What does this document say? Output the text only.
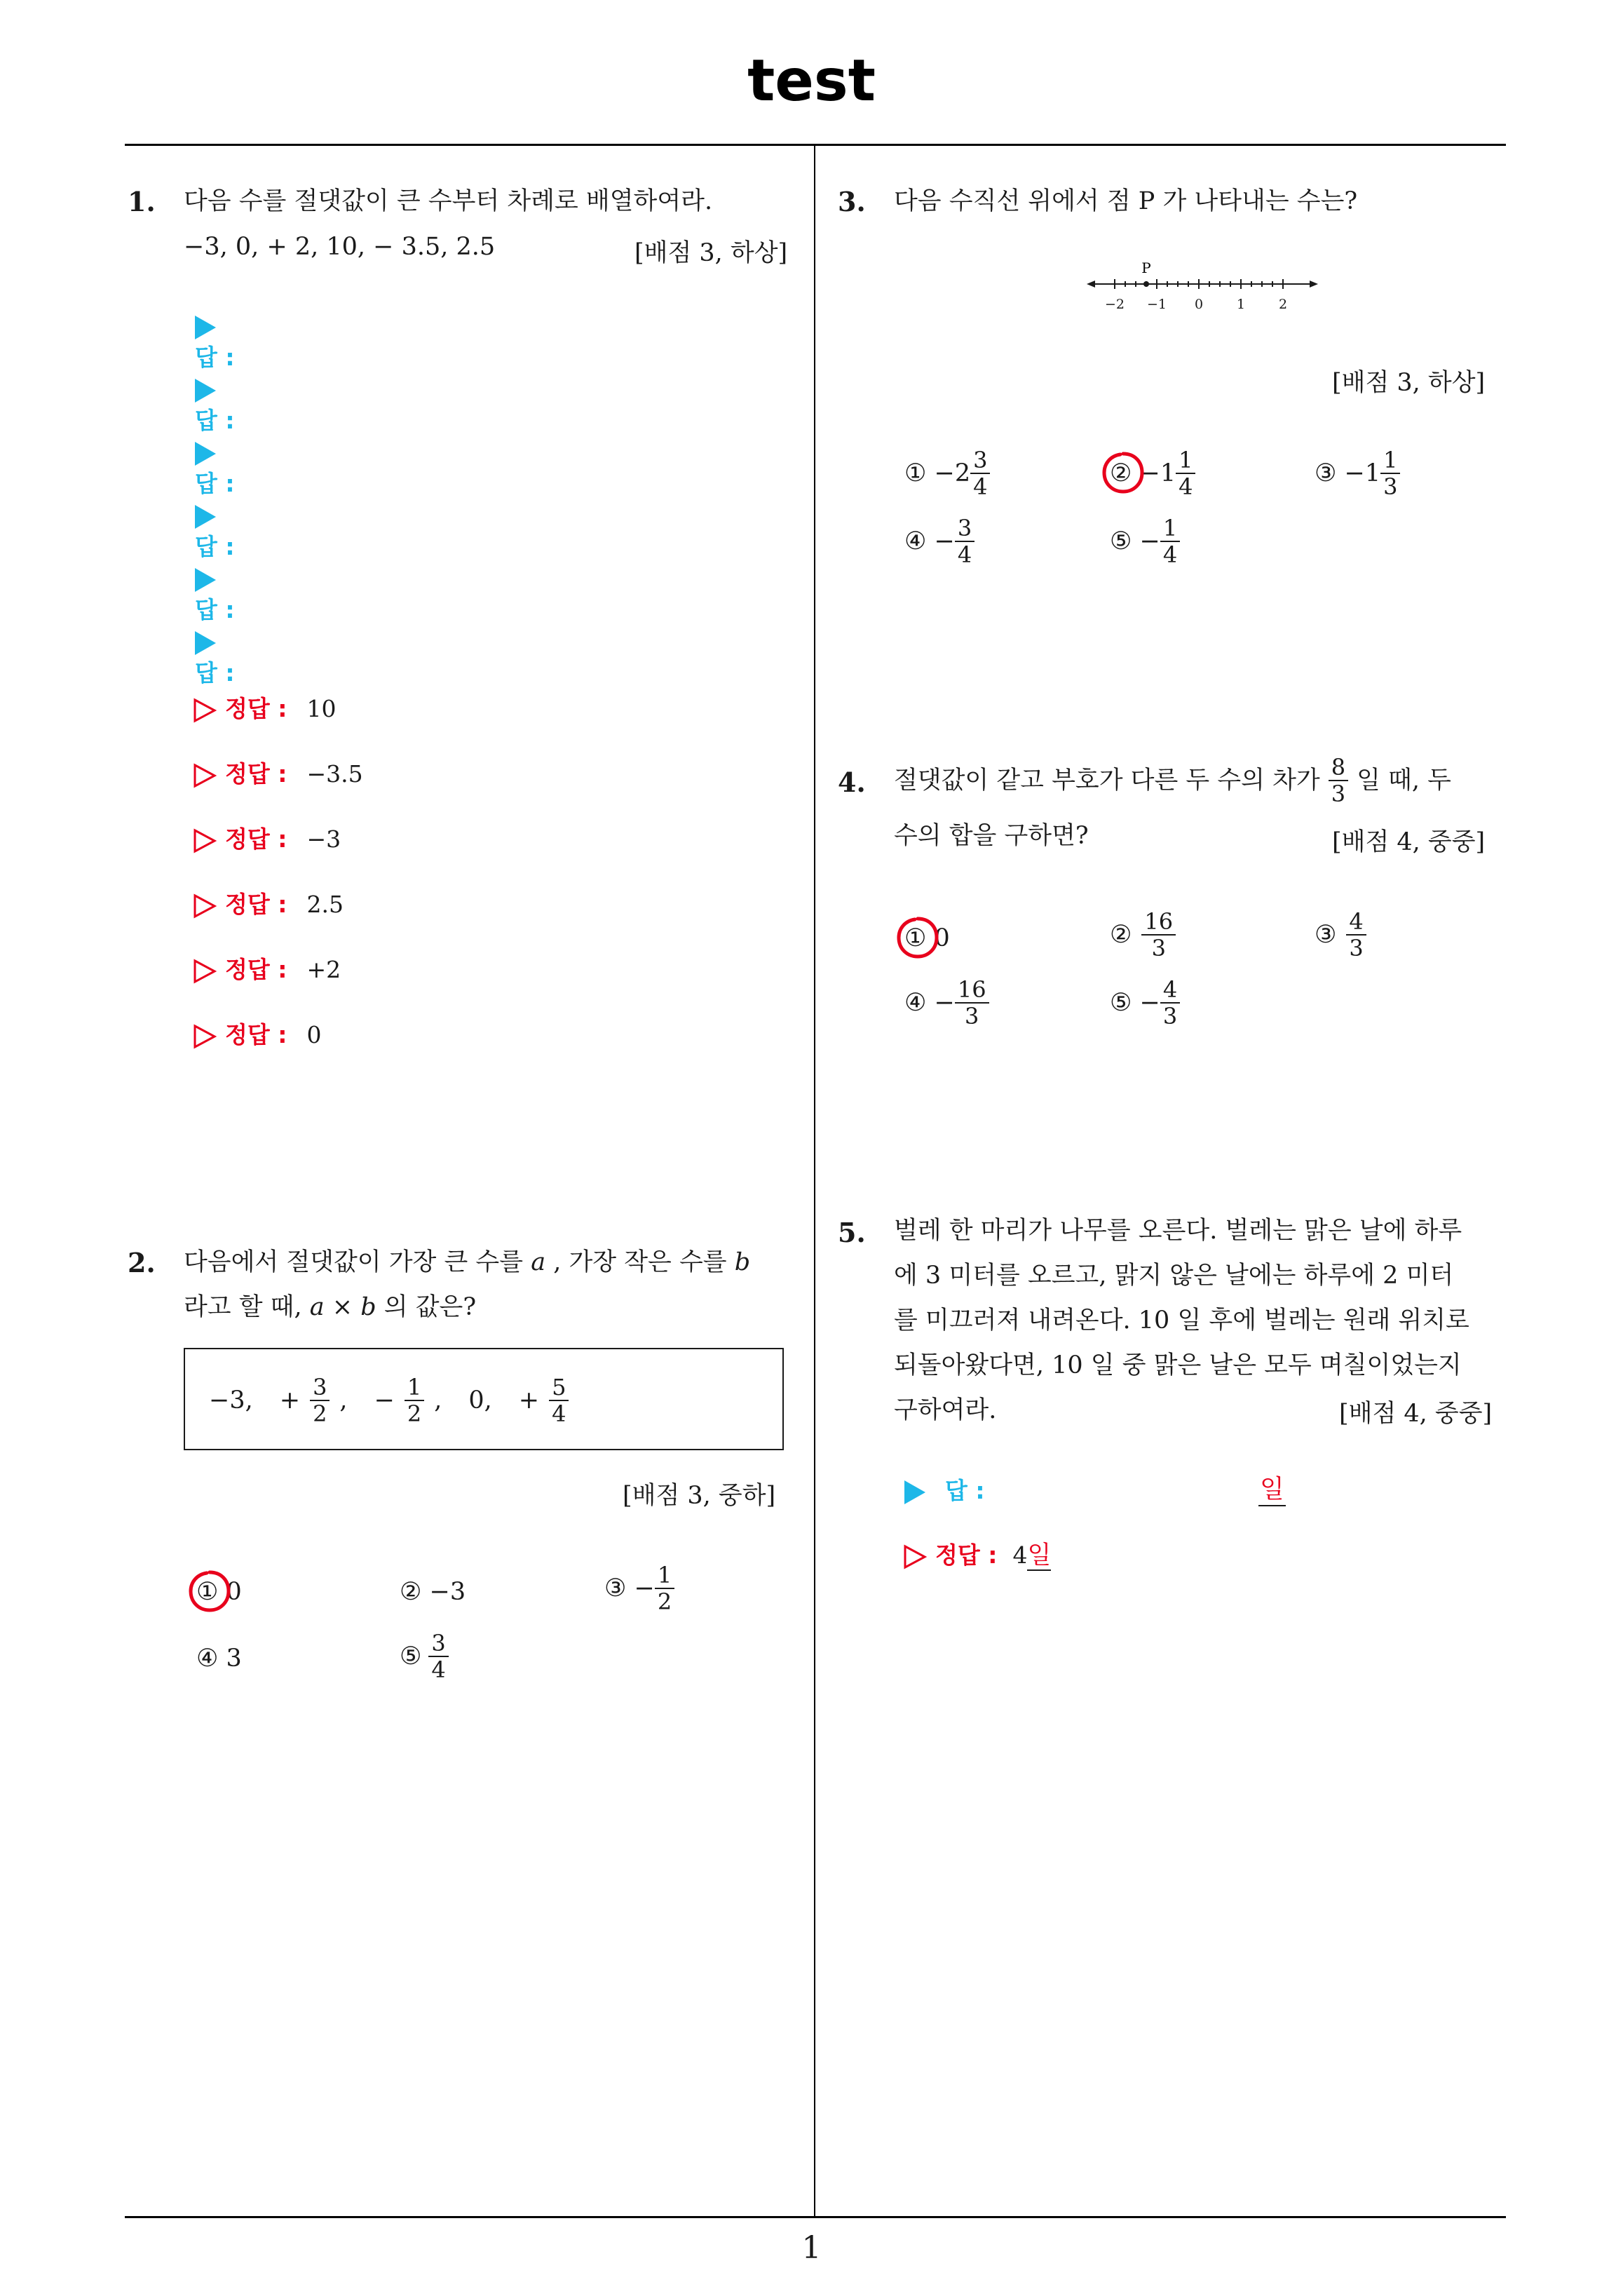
test
1
1. 다음 수를 절댓값이 큰 수부터 차례로 배열하여라.
−3, 0, + 2, 10, − 3.5, 2.5	[배점 3, 하상]
답 :
답 :
답 :
답 :
답 :
답 :
정답 : 10
정답 : −3.5
정답 : −3
정답 : 2.5
정답 : +2
정답 : 0
2. 다음에서 절댓값이 가장 큰 수를 a , 가장 작은 수를 b
라고 할 때, a × b 의 값은?
−3, + $\frac{3}{2}$ , − $\frac{1}{2}$ , 0, + $\frac{5}{4}$
[배점 3, 중하]
① 0	② −3	③ − $\frac{1}{2}$
④ 3	⑤ $\frac{3}{4}$
3. 다음 수직선 위에서 점 P 가 나타내는 수는?
P
−2 −1 0	1	2
[배점 3, 하상]
① $-2 \frac{3}{4}$	② $-1 \frac{1}{4}$	③ $-1 \frac{1}{3}$
④ − $\frac{3}{4}$	⑤ − $\frac{1}{4}$
4. 절댓값이 같고 부호가 다른 두 수의 차가 $\frac{8}{3}$ 일 때, 두
수의 합을 구하면?	[배점 4, 중중]
① 0	② $\frac{16}{3}$	③ $\frac{4}{3}$
④ − $\frac{16}{3}$	⑤ − $\frac{4}{3}$
5. 벌레 한 마리가 나무를 오른다. 벌레는 맑은 날에 하루
에 3 미터를 오르고, 맑지 않은 날에는 하루에 2 미터
를 미끄러져 내려온다. 10 일 후에 벌레는 원래 위치로
되돌아왔다면, 10 일 중 맑은 날은 모두 며칠이었는지
구하여라.	[배점 4, 중중]
답 :	일
정답 : 4일
